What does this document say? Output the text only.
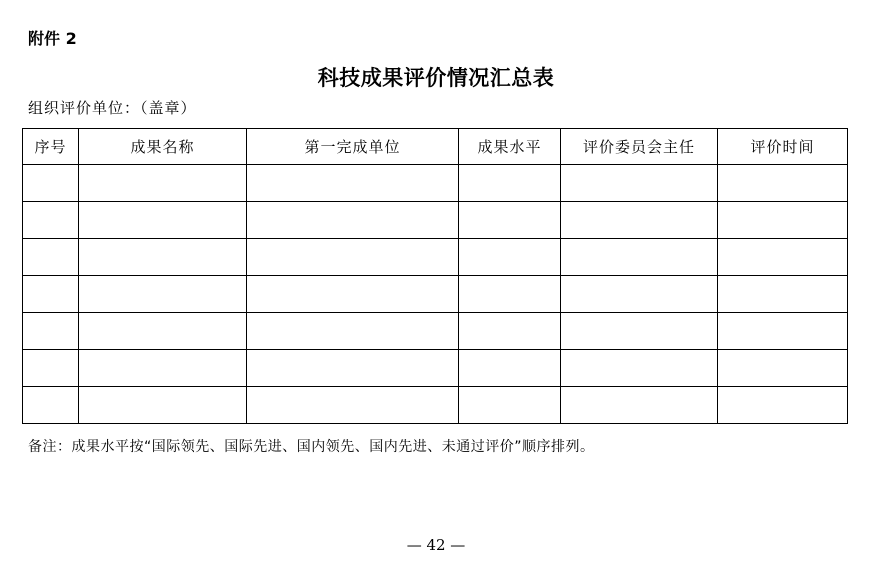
附件 2
科技成果评价情况汇总表
组织评价单位：（盖章）
序号	成果名称	第一完成单位	成果水平	评价委员会主任	评价时间

备注：成果水平按“国际领先、国际先进、国内领先、国内先进、未通过评价”顺序排列。
— 42 —
